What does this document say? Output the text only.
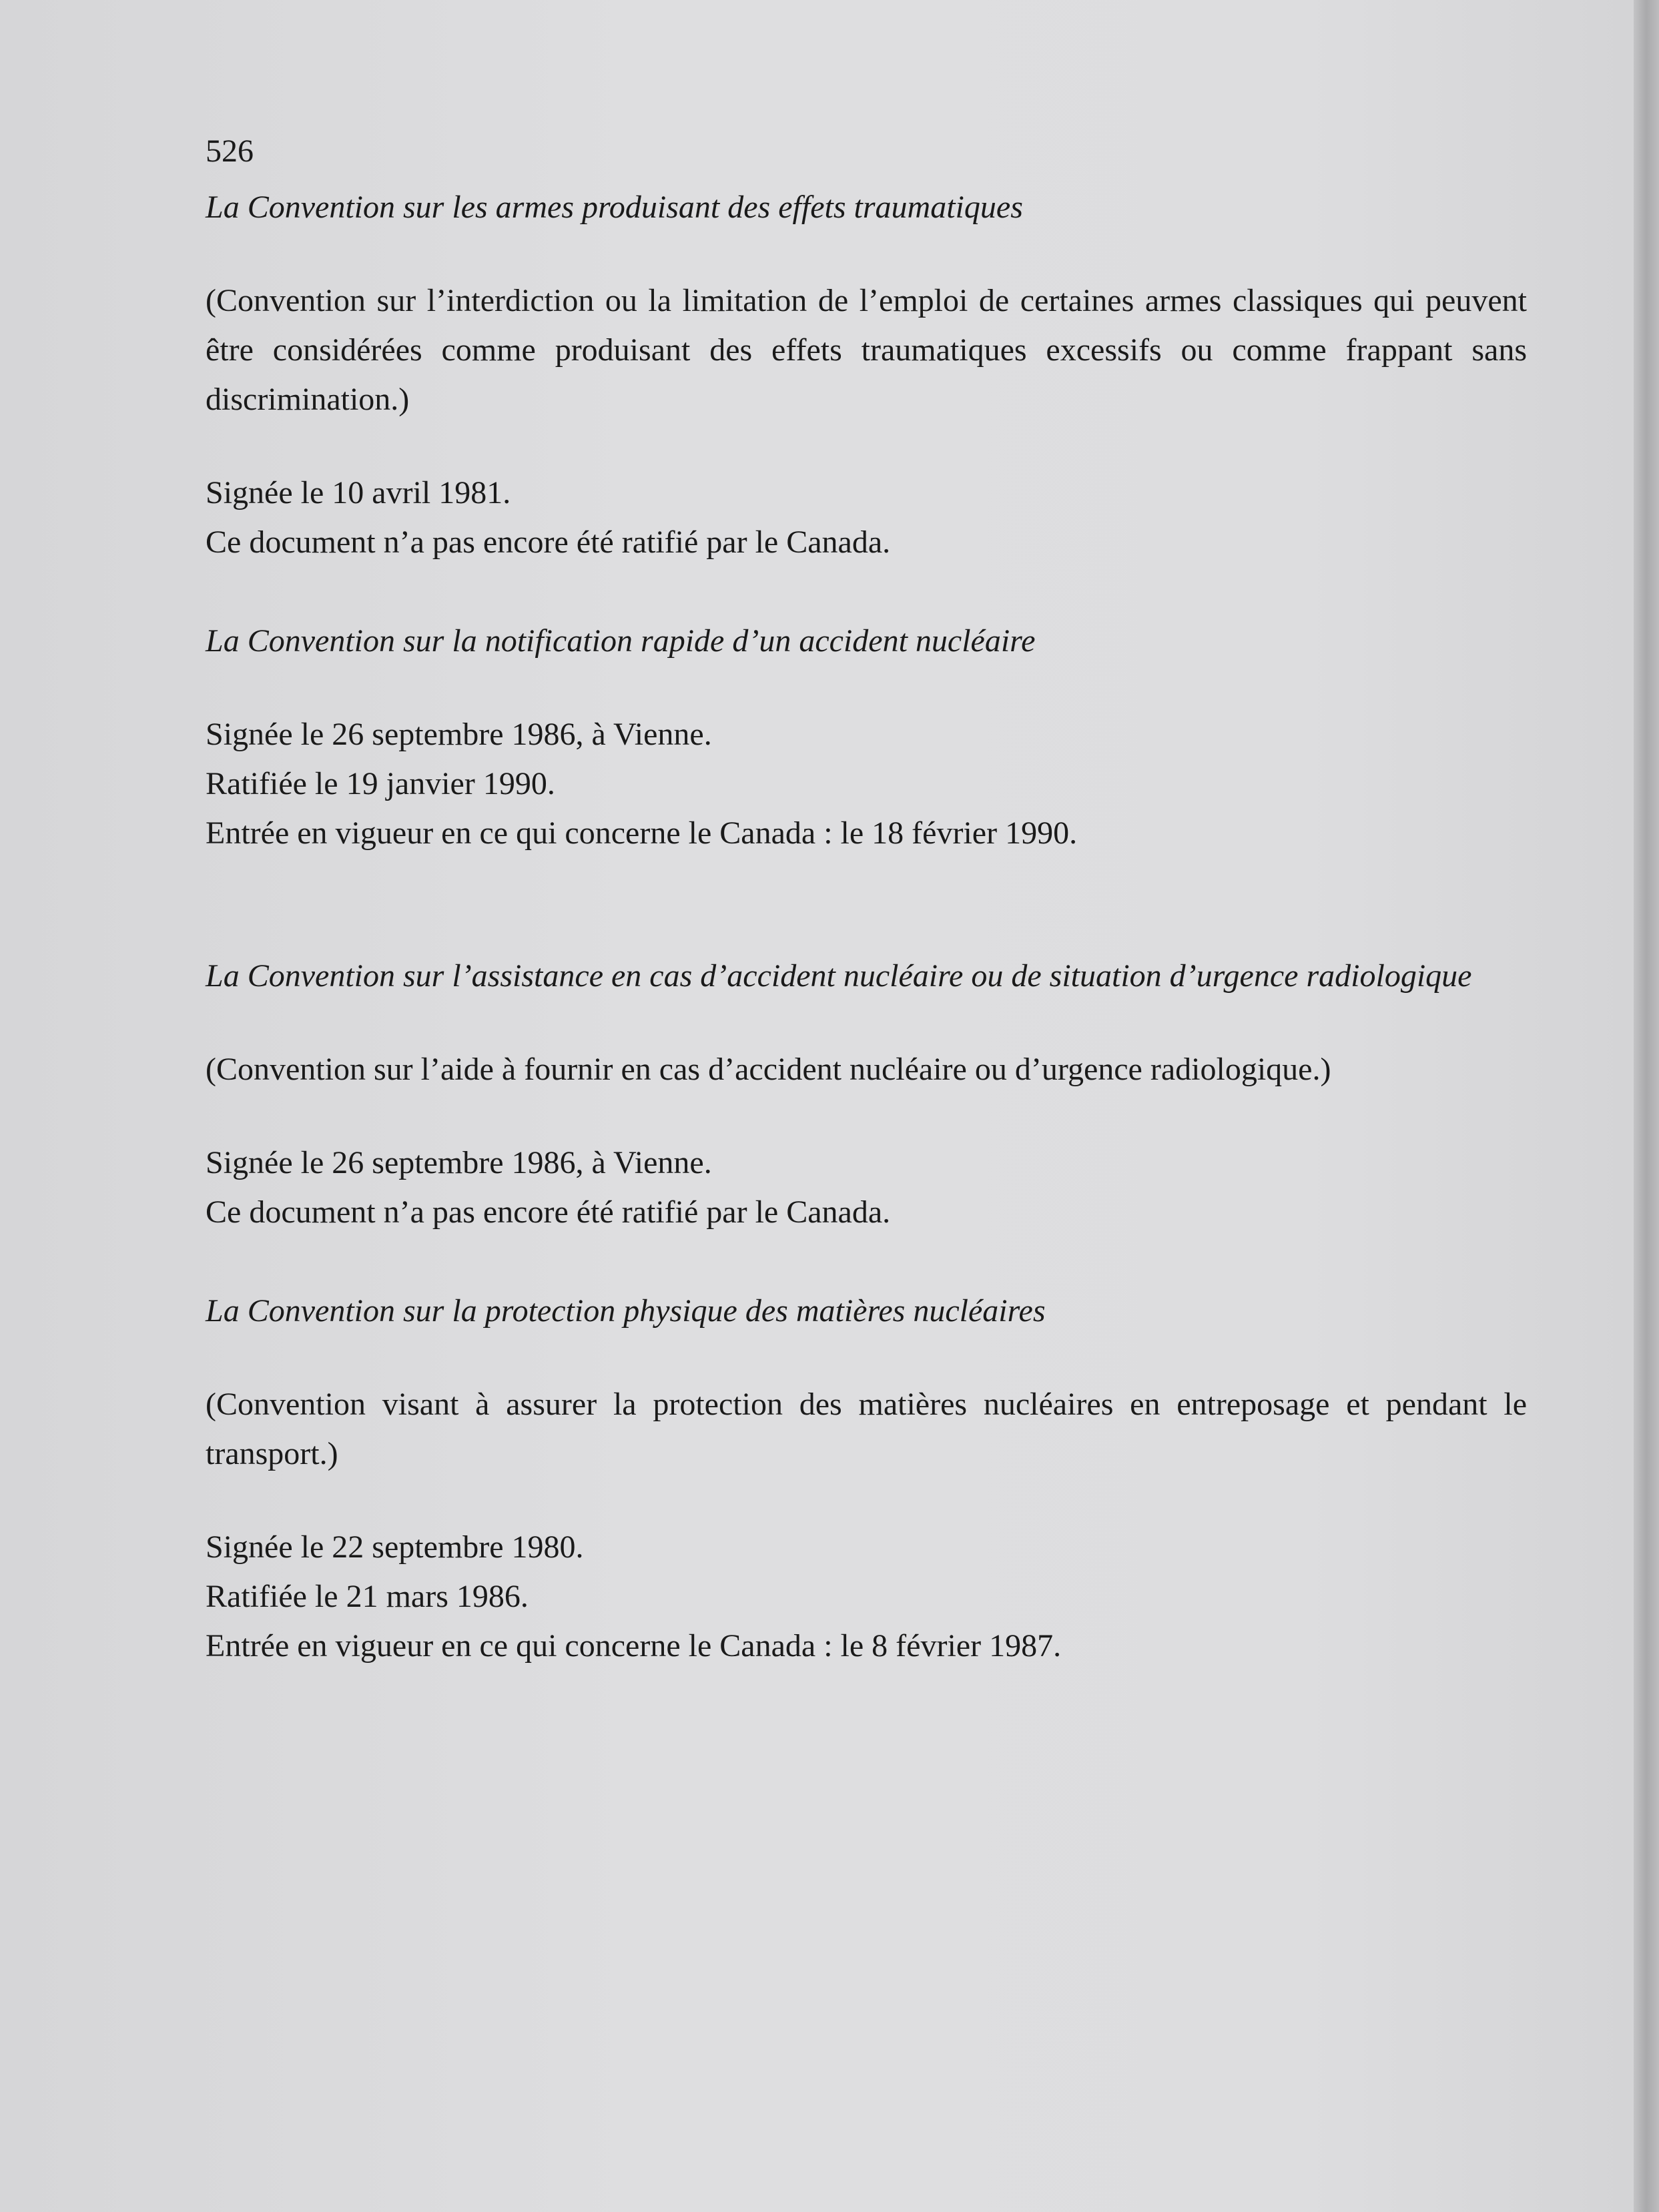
526

La Convention sur les armes produisant des effets traumatiques

(Convention sur l’interdiction ou la limitation de l’emploi de certaines armes classiques qui peuvent être considérées comme produisant des effets traumatiques excessifs ou comme frappant sans discrimination.)

Signée le 10 avril 1981.

Ce document n’a pas encore été ratifié par le Canada.

La Convention sur la notification rapide d’un accident nucléaire

Signée le 26 septembre 1986, à Vienne.

Ratifiée le 19 janvier 1990.

Entrée en vigueur en ce qui concerne le Canada : le 18 février 1990.

La Convention sur l’assistance en cas d’accident nucléaire ou de situation d’urgence radiologique

(Convention sur l’aide à fournir en cas d’accident nucléaire ou d’urgence radiologique.)

Signée le 26 septembre 1986, à Vienne.

Ce document n’a pas encore été ratifié par le Canada.

La Convention sur la protection physique des matières nucléaires

(Convention visant à assurer la protection des matières nucléaires en entreposage et pendant le transport.)

Signée le 22 septembre 1980.

Ratifiée le 21 mars 1986.

Entrée en vigueur en ce qui concerne le Canada : le 8 février 1987.
